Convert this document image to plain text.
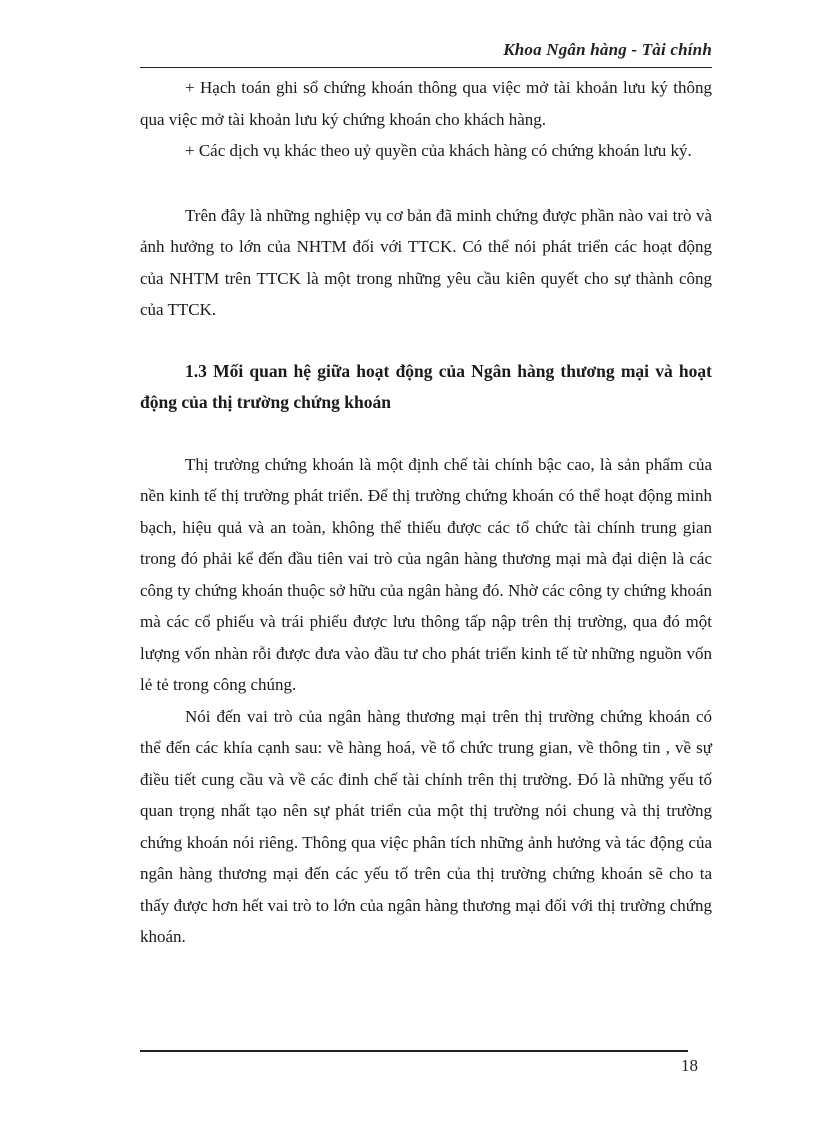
Khoa Ngân hàng - Tài chính

+ Hạch toán ghi sổ chứng khoán thông qua việc mở tài khoản lưu ký thông qua việc mở tài khoản lưu ký chứng khoán cho khách hàng.

+ Các dịch vụ khác theo uỷ quyền của khách hàng có chứng khoán lưu ký.

Trên đây là những nghiệp vụ cơ bản đã minh chứng được phần nào vai trò và ảnh hưởng to lớn của NHTM đối với TTCK. Có thể nói phát triển các hoạt động của NHTM trên TTCK là một trong những yêu cầu kiên quyết cho sự thành công của TTCK.

1.3 Mối quan hệ giữa hoạt động của Ngân hàng thương mại và hoạt động của thị trường chứng khoán

Thị trường chứng khoán là một định chế tài chính bậc cao, là sản phẩm của nền kinh tế thị trường phát triển. Để thị trường chứng khoán có thể hoạt động minh bạch, hiệu quả và an toàn, không thể thiếu được các tổ chức tài chính trung gian trong đó phải kể đến đầu tiên vai trò của ngân hàng thương mại mà đại diện là các công ty chứng khoán thuộc sở hữu của ngân hàng đó. Nhờ các công ty chứng khoán mà các cổ phiếu và trái phiếu được lưu thông tấp nập trên thị trường, qua đó một lượng vốn nhàn rỗi được đưa vào đầu tư cho phát triển kinh tế từ những nguồn vốn lẻ tẻ trong công chúng.

Nói đến vai trò của ngân hàng thương mại trên thị trường chứng khoán có thể đến các khía cạnh sau: về hàng hoá, về tổ chức trung gian, về thông tin , về sự điều tiết cung cầu và về các đinh chế tài chính trên thị trường. Đó là những yếu tố quan trọng nhất tạo nên sự phát triển của một thị trường nói chung và thị trường chứng khoán nói riêng. Thông qua việc phân tích những ảnh hưởng và tác động của ngân hàng thương mại đến các yếu tố trên của thị trường chứng khoán sẽ cho ta thấy được hơn hết vai trò to lớn của ngân hàng thương mại đối với thị trường chứng khoán.

18
